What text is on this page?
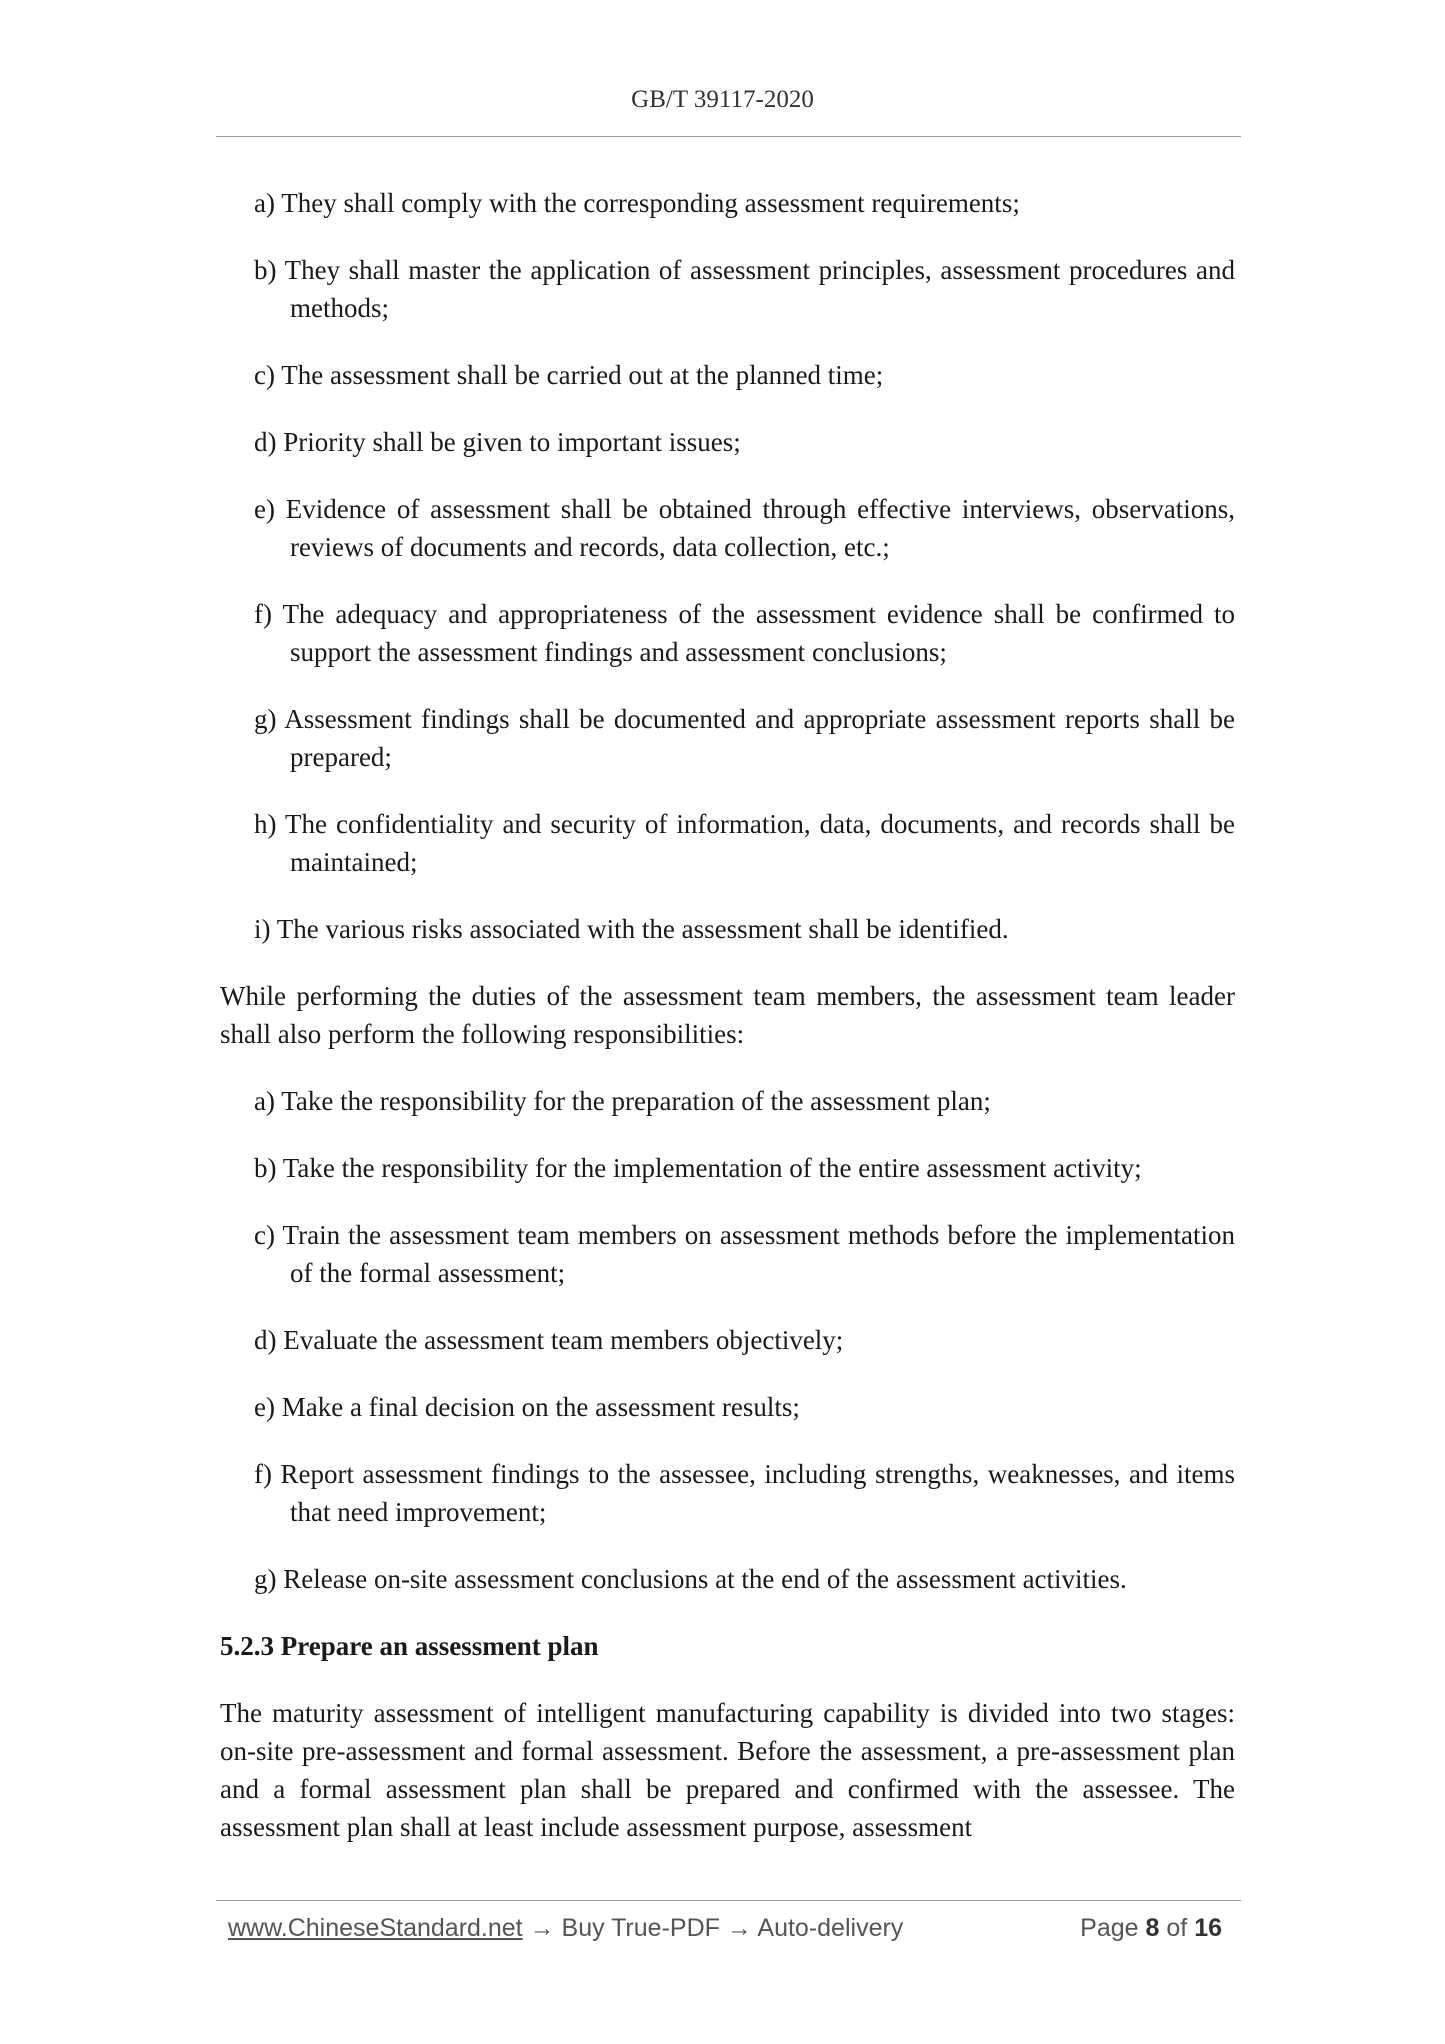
GB/T 39117-2020
a) They shall comply with the corresponding assessment requirements;
b) They shall master the application of assessment principles, assessment procedures and methods;
c) The assessment shall be carried out at the planned time;
d) Priority shall be given to important issues;
e) Evidence of assessment shall be obtained through effective interviews, observations, reviews of documents and records, data collection, etc.;
f) The adequacy and appropriateness of the assessment evidence shall be confirmed to support the assessment findings and assessment conclusions;
g) Assessment findings shall be documented and appropriate assessment reports shall be prepared;
h) The confidentiality and security of information, data, documents, and records shall be maintained;
i) The various risks associated with the assessment shall be identified.
While performing the duties of the assessment team members, the assessment team leader shall also perform the following responsibilities:
a) Take the responsibility for the preparation of the assessment plan;
b) Take the responsibility for the implementation of the entire assessment activity;
c) Train the assessment team members on assessment methods before the implementation of the formal assessment;
d) Evaluate the assessment team members objectively;
e) Make a final decision on the assessment results;
f) Report assessment findings to the assessee, including strengths, weaknesses, and items that need improvement;
g) Release on-site assessment conclusions at the end of the assessment activities.
5.2.3 Prepare an assessment plan
The maturity assessment of intelligent manufacturing capability is divided into two stages: on-site pre-assessment and formal assessment. Before the assessment, a pre-assessment plan and a formal assessment plan shall be prepared and confirmed with the assessee. The assessment plan shall at least include assessment purpose, assessment
www.ChineseStandard.net → Buy True-PDF → Auto-delivery	Page 8 of 16
